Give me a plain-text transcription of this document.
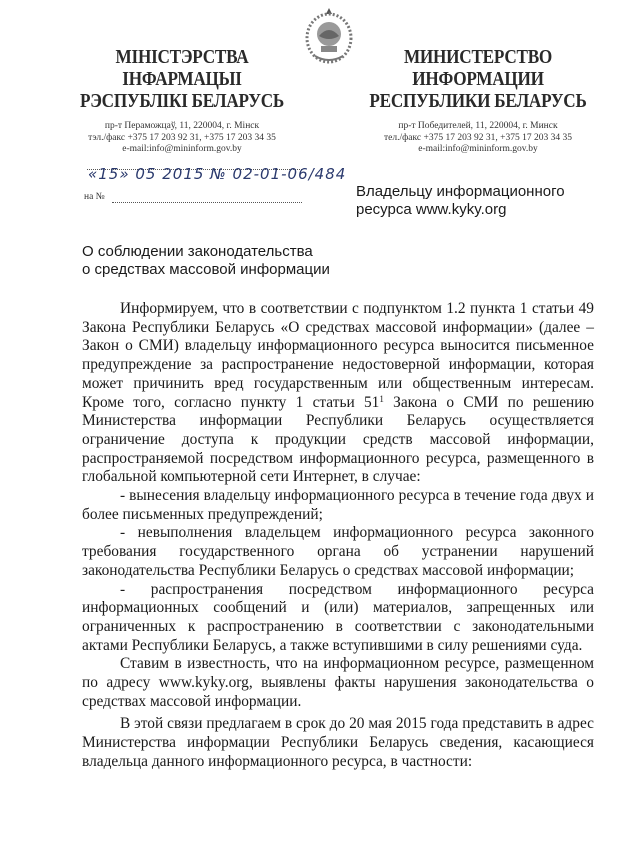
МІНІСТЭРСТВА ІНФАРМАЦЫІ
РЭСПУБЛІКІ БЕЛАРУСЬ
пр-т Пераможцаў, 11, 220004, г. Мінск
тэл./факс +375 17 203 92 31, +375 17 203 34 35
e-mail:info@mininform.gov.by
МИНИСТЕРСТВО ИНФОРМАЦИИ
РЕСПУБЛИКИ БЕЛАРУСЬ
пр-т Победителей, 11, 220004, г. Минск
тел./факс +375 17 203 92 31, +375 17 203 34 35
e-mail:info@mininform.gov.by
«15» 05 2015 № 02-01-06/484
на №	Владельцу информационного
ресурса www.kyky.org
О соблюдении законодательства
о средствах массовой информации

Информируем, что в соответствии с подпунктом 1.2 пункта 1 статьи 49 Закона Республики Беларусь «О средствах массовой информации» (далее – Закон о СМИ) владельцу информационного ресурса выносится письменное предупреждение за распространение недостоверной информации, которая может причинить вред государственным или общественным интересам. Кроме того, согласно пункту 1 статьи $51^1$ Закона о СМИ по решению Министерства информации Республики Беларусь осуществляется ограничение доступа к продукции средств массовой информации, распространяемой посредством информационного ресурса, размещенного в глобальной компьютерной сети Интернет, в случае:

- вынесения владельцу информационного ресурса в течение года двух и более письменных предупреждений;

- невыполнения владельцем информационного ресурса законного требования государственного органа об устранении нарушений законодательства Республики Беларусь о средствах массовой информации;

- распространения посредством информационного ресурса информационных сообщений и (или) материалов, запрещенных или ограниченных к распространению в соответствии с законодательными актами Республики Беларусь, а также вступившими в силу решениями суда.

Ставим в известность, что на информационном ресурсе, размещенном по адресу www.kyky.org, выявлены факты нарушения законодательства о средствах массовой информации.

В этой связи предлагаем в срок до 20 мая 2015 года представить в адрес Министерства информации Республики Беларусь сведения, касающиеся владельца данного информационного ресурса, в частности:
